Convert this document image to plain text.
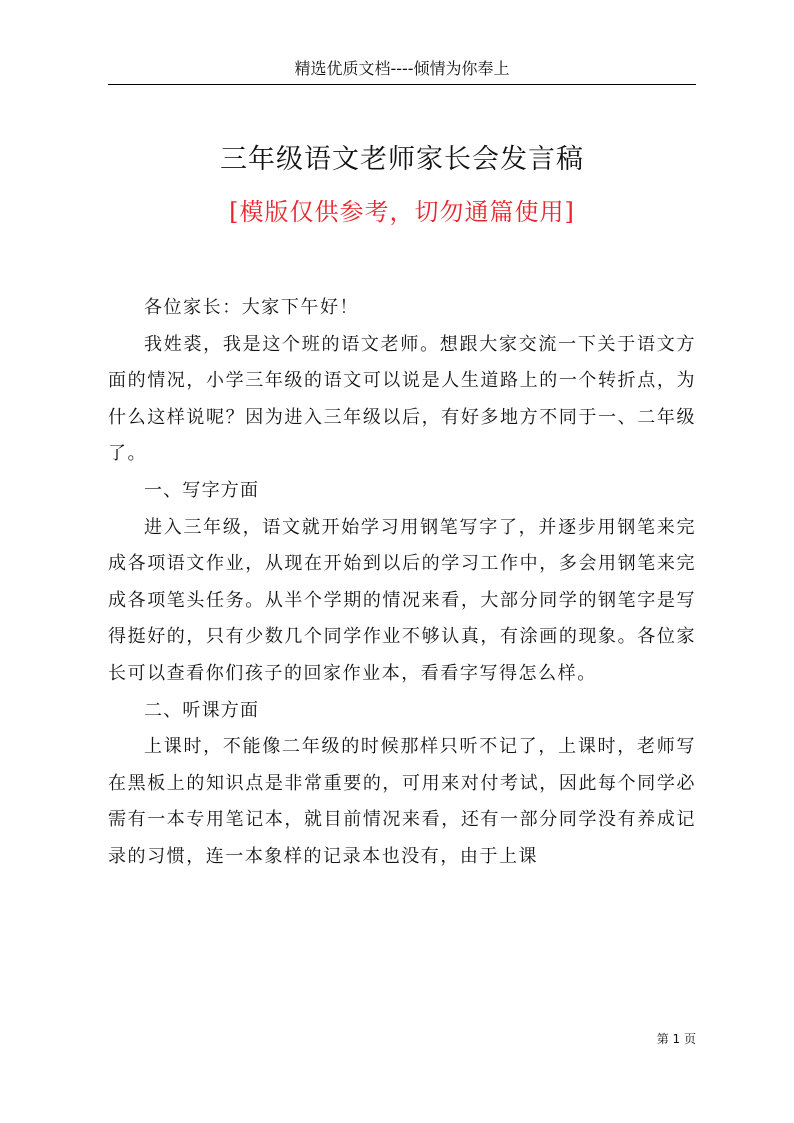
精选优质文档----倾情为你奉上
三年级语文老师家长会发言稿
[模版仅供参考，切勿通篇使用]

各位家长：大家下午好！

我姓裘，我是这个班的语文老师。想跟大家交流一下关于语文方面的情况，小学三年级的语文可以说是人生道路上的一个转折点，为什么这样说呢？因为进入三年级以后，有好多地方不同于一、二年级了。

一、写字方面

进入三年级，语文就开始学习用钢笔写字了，并逐步用钢笔来完成各项语文作业，从现在开始到以后的学习工作中，多会用钢笔来完成各项笔头任务。从半个学期的情况来看，大部分同学的钢笔字是写得挺好的，只有少数几个同学作业不够认真，有涂画的现象。各位家长可以查看你们孩子的回家作业本，看看字写得怎么样。

二、听课方面

上课时，不能像二年级的时候那样只听不记了，上课时，老师写在黑板上的知识点是非常重要的，可用来对付考试，因此每个同学必需有一本专用笔记本，就目前情况来看，还有一部分同学没有养成记录的习惯，连一本象样的记录本也没有，由于上课

第 1 页
